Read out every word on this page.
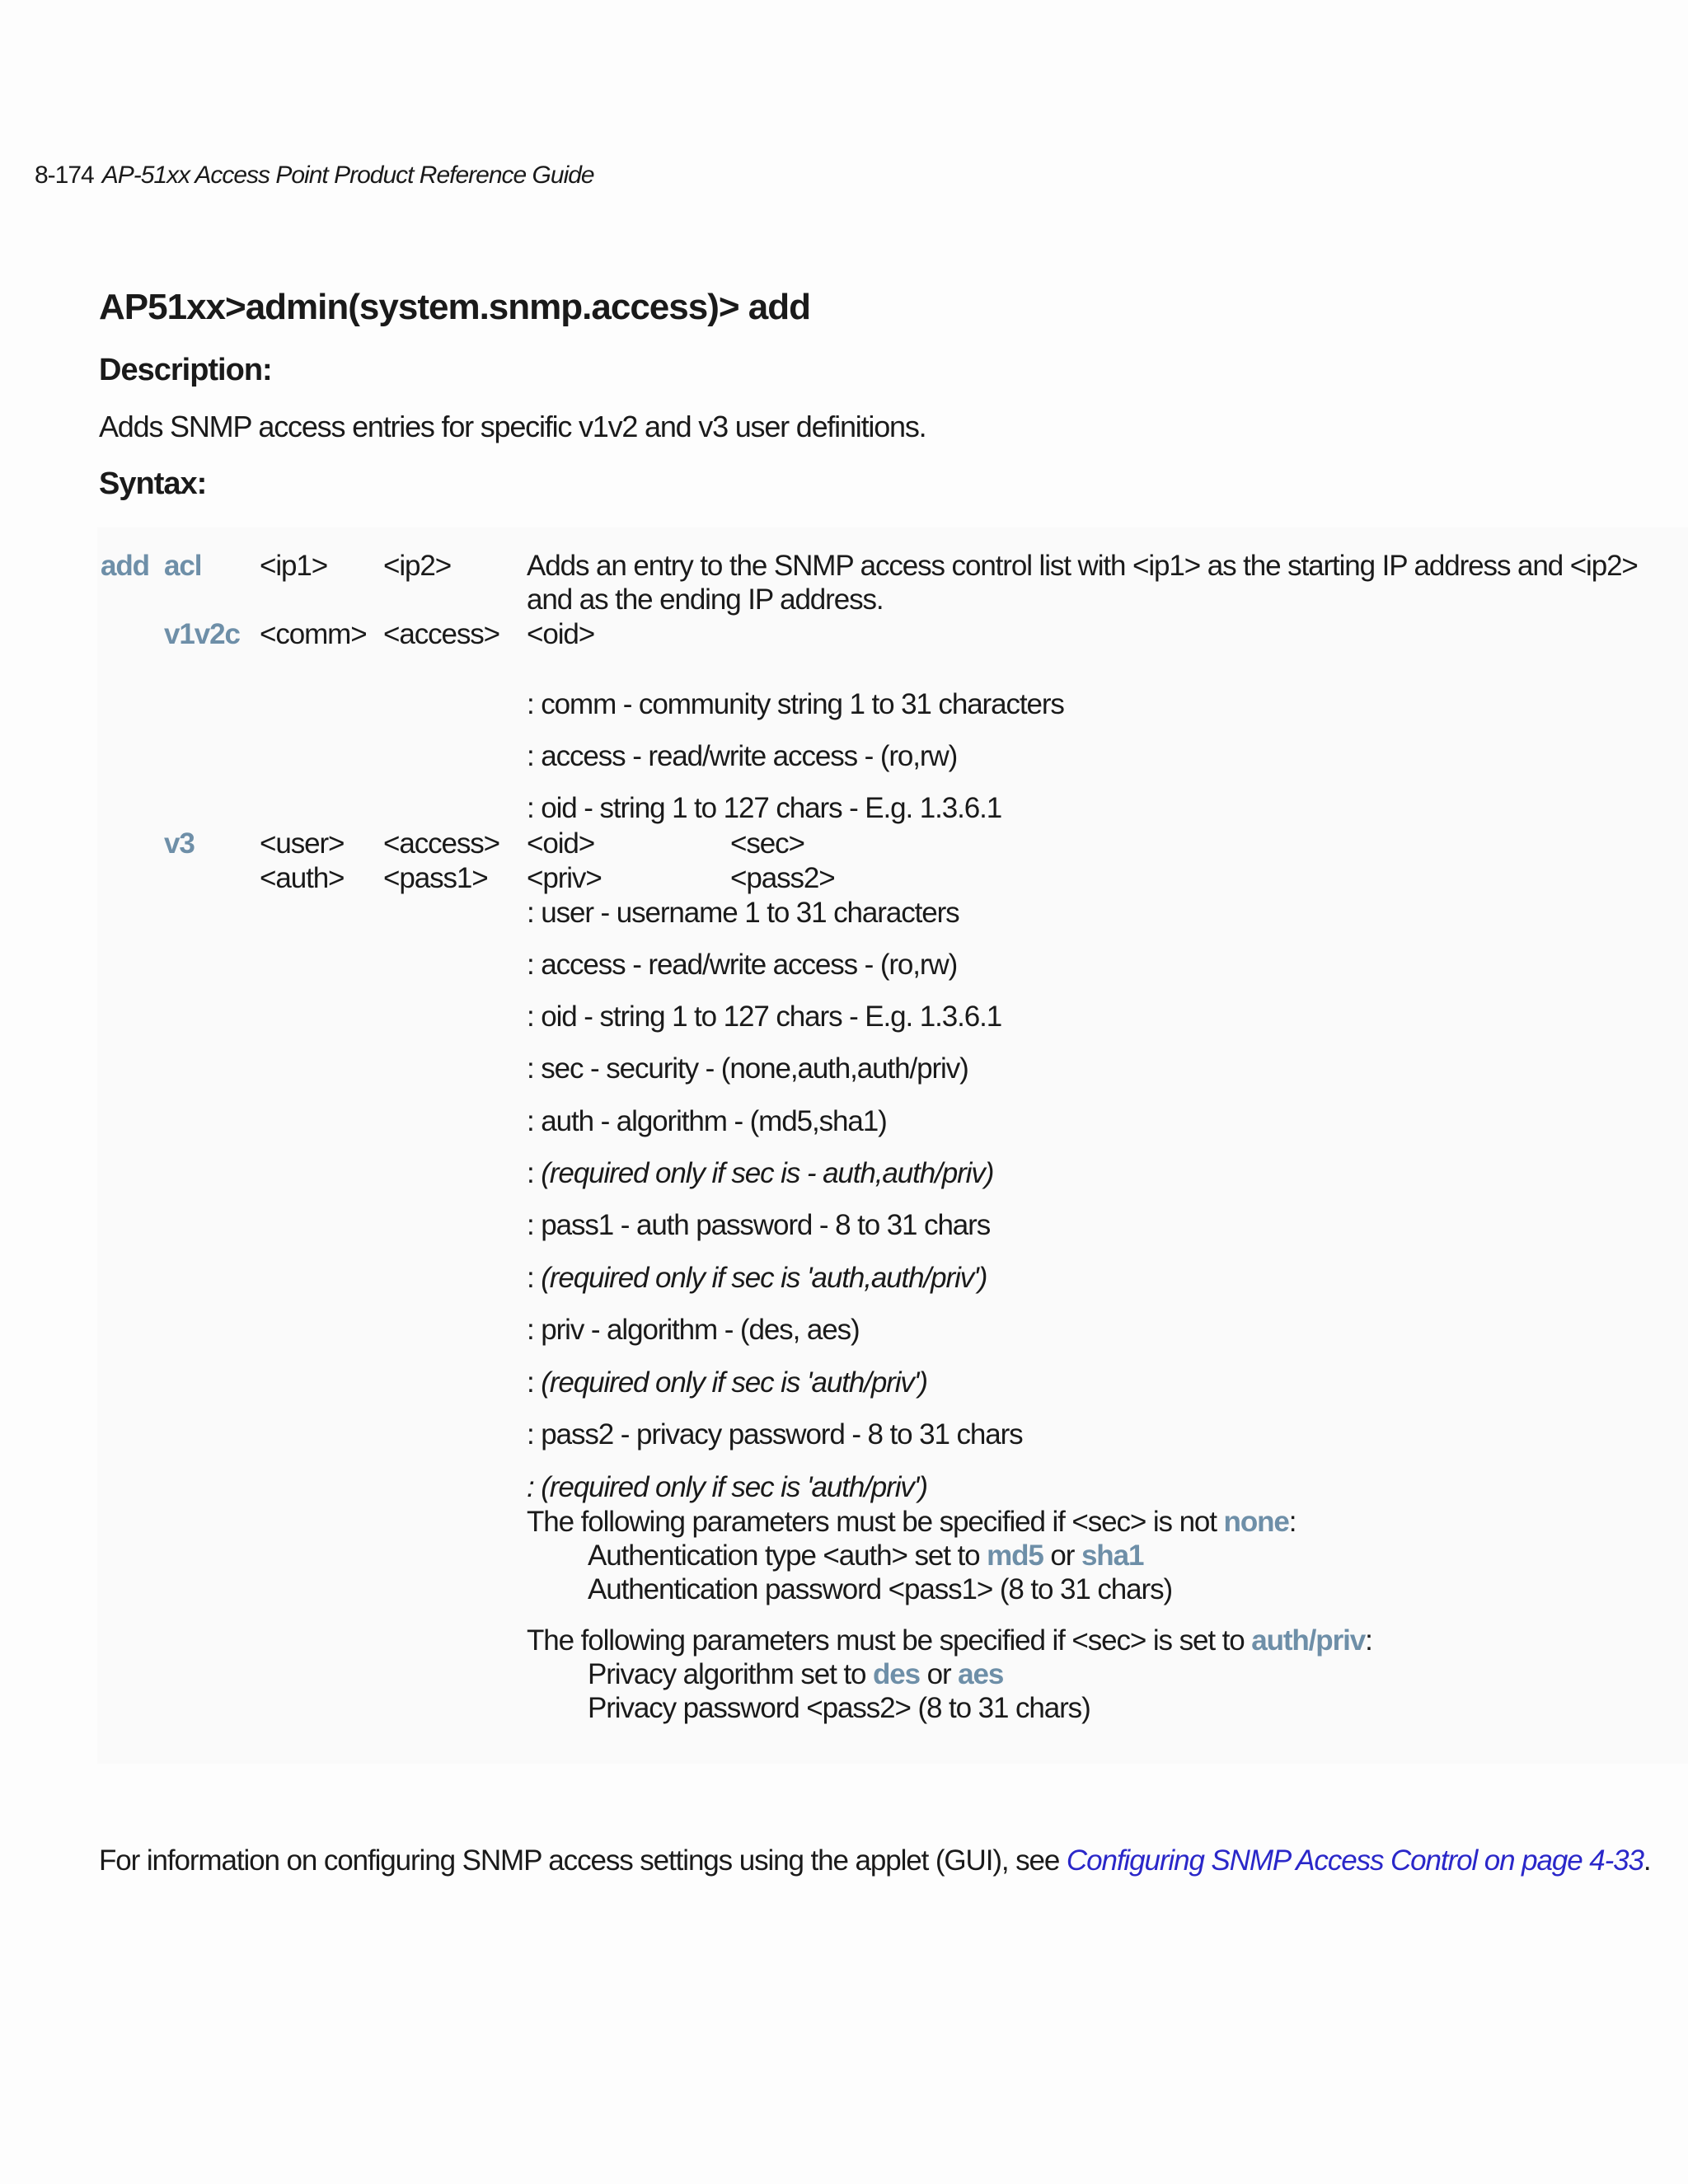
8-174 AP-51xx Access Point Product Reference Guide
AP51xx>admin(system.snmp.access)> add
Description:
Adds SNMP access entries for specific v1v2 and v3 user definitions.
Syntax:
add acl <ip1> <ip2>	Adds an entry to the SNMP access control list with <ip1> as the starting IP address and <ip2>
and as the ending IP address.
v1v2c <comm> <access> <oid>
: comm - community string 1 to 31 characters
: access - read/write access - (ro,rw)
: oid - string 1 to 127 chars - E.g. 1.3.6.1
v3 <user> <access> <oid>	<sec>
<auth> <pass1> <priv>	<pass2>
: user - username 1 to 31 characters
: access - read/write access - (ro,rw)
: oid - string 1 to 127 chars - E.g. 1.3.6.1
: sec - security - (none,auth,auth/priv)
: auth - algorithm - (md5,sha1)
: (required only if sec is - auth,auth/priv)
: pass1 - auth password - 8 to 31 chars
: (required only if sec is 'auth,auth/priv')
: priv - algorithm - (des, aes)
: (required only if sec is 'auth/priv')
: pass2 - privacy password - 8 to 31 chars
: (required only if sec is 'auth/priv')
The following parameters must be specified if <sec> is not none:
Authentication type <auth> set to md5 or sha1
Authentication password <pass1> (8 to 31 chars)
The following parameters must be specified if <sec> is set to auth/priv:
Privacy algorithm set to des or aes
Privacy password <pass2> (8 to 31 chars)
For information on configuring SNMP access settings using the applet (GUI), see Configuring SNMP Access Control on page 4-33.
